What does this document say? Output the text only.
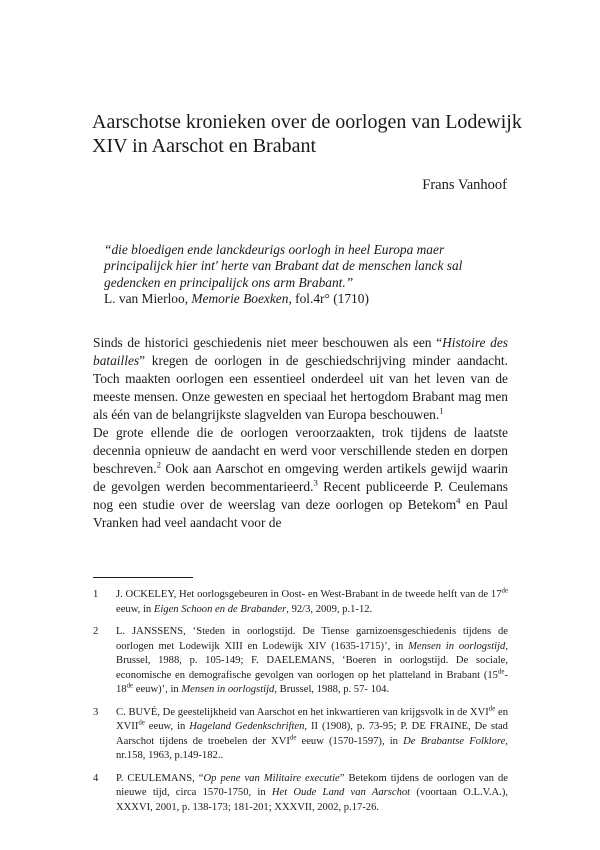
Aarschotse kronieken over de oorlogen van Lodewijk XIV in Aarschot en Brabant
Frans Vanhoof
“die bloedigen ende lanckdeurigs oorlogh in heel Europa maer principalijck hier int' herte van Brabant dat de menschen lanck sal gedencken en principalijck ons arm Brabant.”
L. van Mierloo, Memorie Boexken, fol.4r° (1710)

Sinds de historici geschiedenis niet meer beschouwen als een “Histoire des batailles” kregen de oorlogen in de geschiedschrijving minder aandacht. Toch maakten oorlogen een essentieel onderdeel uit van het leven van de meeste mensen. Onze gewesten en speciaal het hertogdom Brabant mag men als één van de belangrijkste slagvelden van Europa beschouwen.$^1$

De grote ellende die de oorlogen veroorzaakten, trok tijdens de laatste decennia opnieuw de aandacht en werd voor verschillende steden en dorpen beschreven.$^2$ Ook aan Aarschot en omgeving werden artikels gewijd waarin de gevolgen werden becommentarieerd.$^3$ Recent publiceerde P. Ceulemans nog een studie over de weerslag van deze oorlogen op Betekom$^4$ en Paul Vranken had veel aandacht voor de

1	J. OCKELEY, Het oorlogsgebeuren in Oost- en West-Brabant in de tweede helft van de 17de eeuw, in Eigen Schoon en de Brabander, 92/3, 2009, p.1-12.
2	L. JANSSENS, ‘Steden in oorlogstijd. De Tiense garnizoensgeschiedenis tijdens de oorlogen met Lodewijk XIII en Lodewijk XIV (1635-1715)’, in Mensen in oorlogstijd, Brussel, 1988, p. 105-149; F. DAELEMANS, ‘Boeren in oorlogstijd. De sociale, economische en demografische gevolgen van oorlogen op het platteland in Brabant (15de-18de eeuw)’, in Mensen in oorlogstijd, Brussel, 1988, p. 57- 104.
3	C. BUVÉ, De geestelijkheid van Aarschot en het inkwartieren van krijgsvolk in de XVIde en XVIIde eeuw, in Hageland Gedenkschriften, II (1908), p. 73-95; P. DE FRAINE, De stad Aarschot tijdens de troebelen der XVIde eeuw (1570-1597), in De Brabantse Folklore, nr.158, 1963, p.149-182..
4	P. CEULEMANS, “Op pene van Militaire executie” Betekom tijdens de oorlogen van de nieuwe tijd, circa 1570-1750, in Het Oude Land van Aarschot (voortaan O.L.V.A.), XXXVI, 2001, p. 138-173; 181-201; XXXVII, 2002, p.17-26.
